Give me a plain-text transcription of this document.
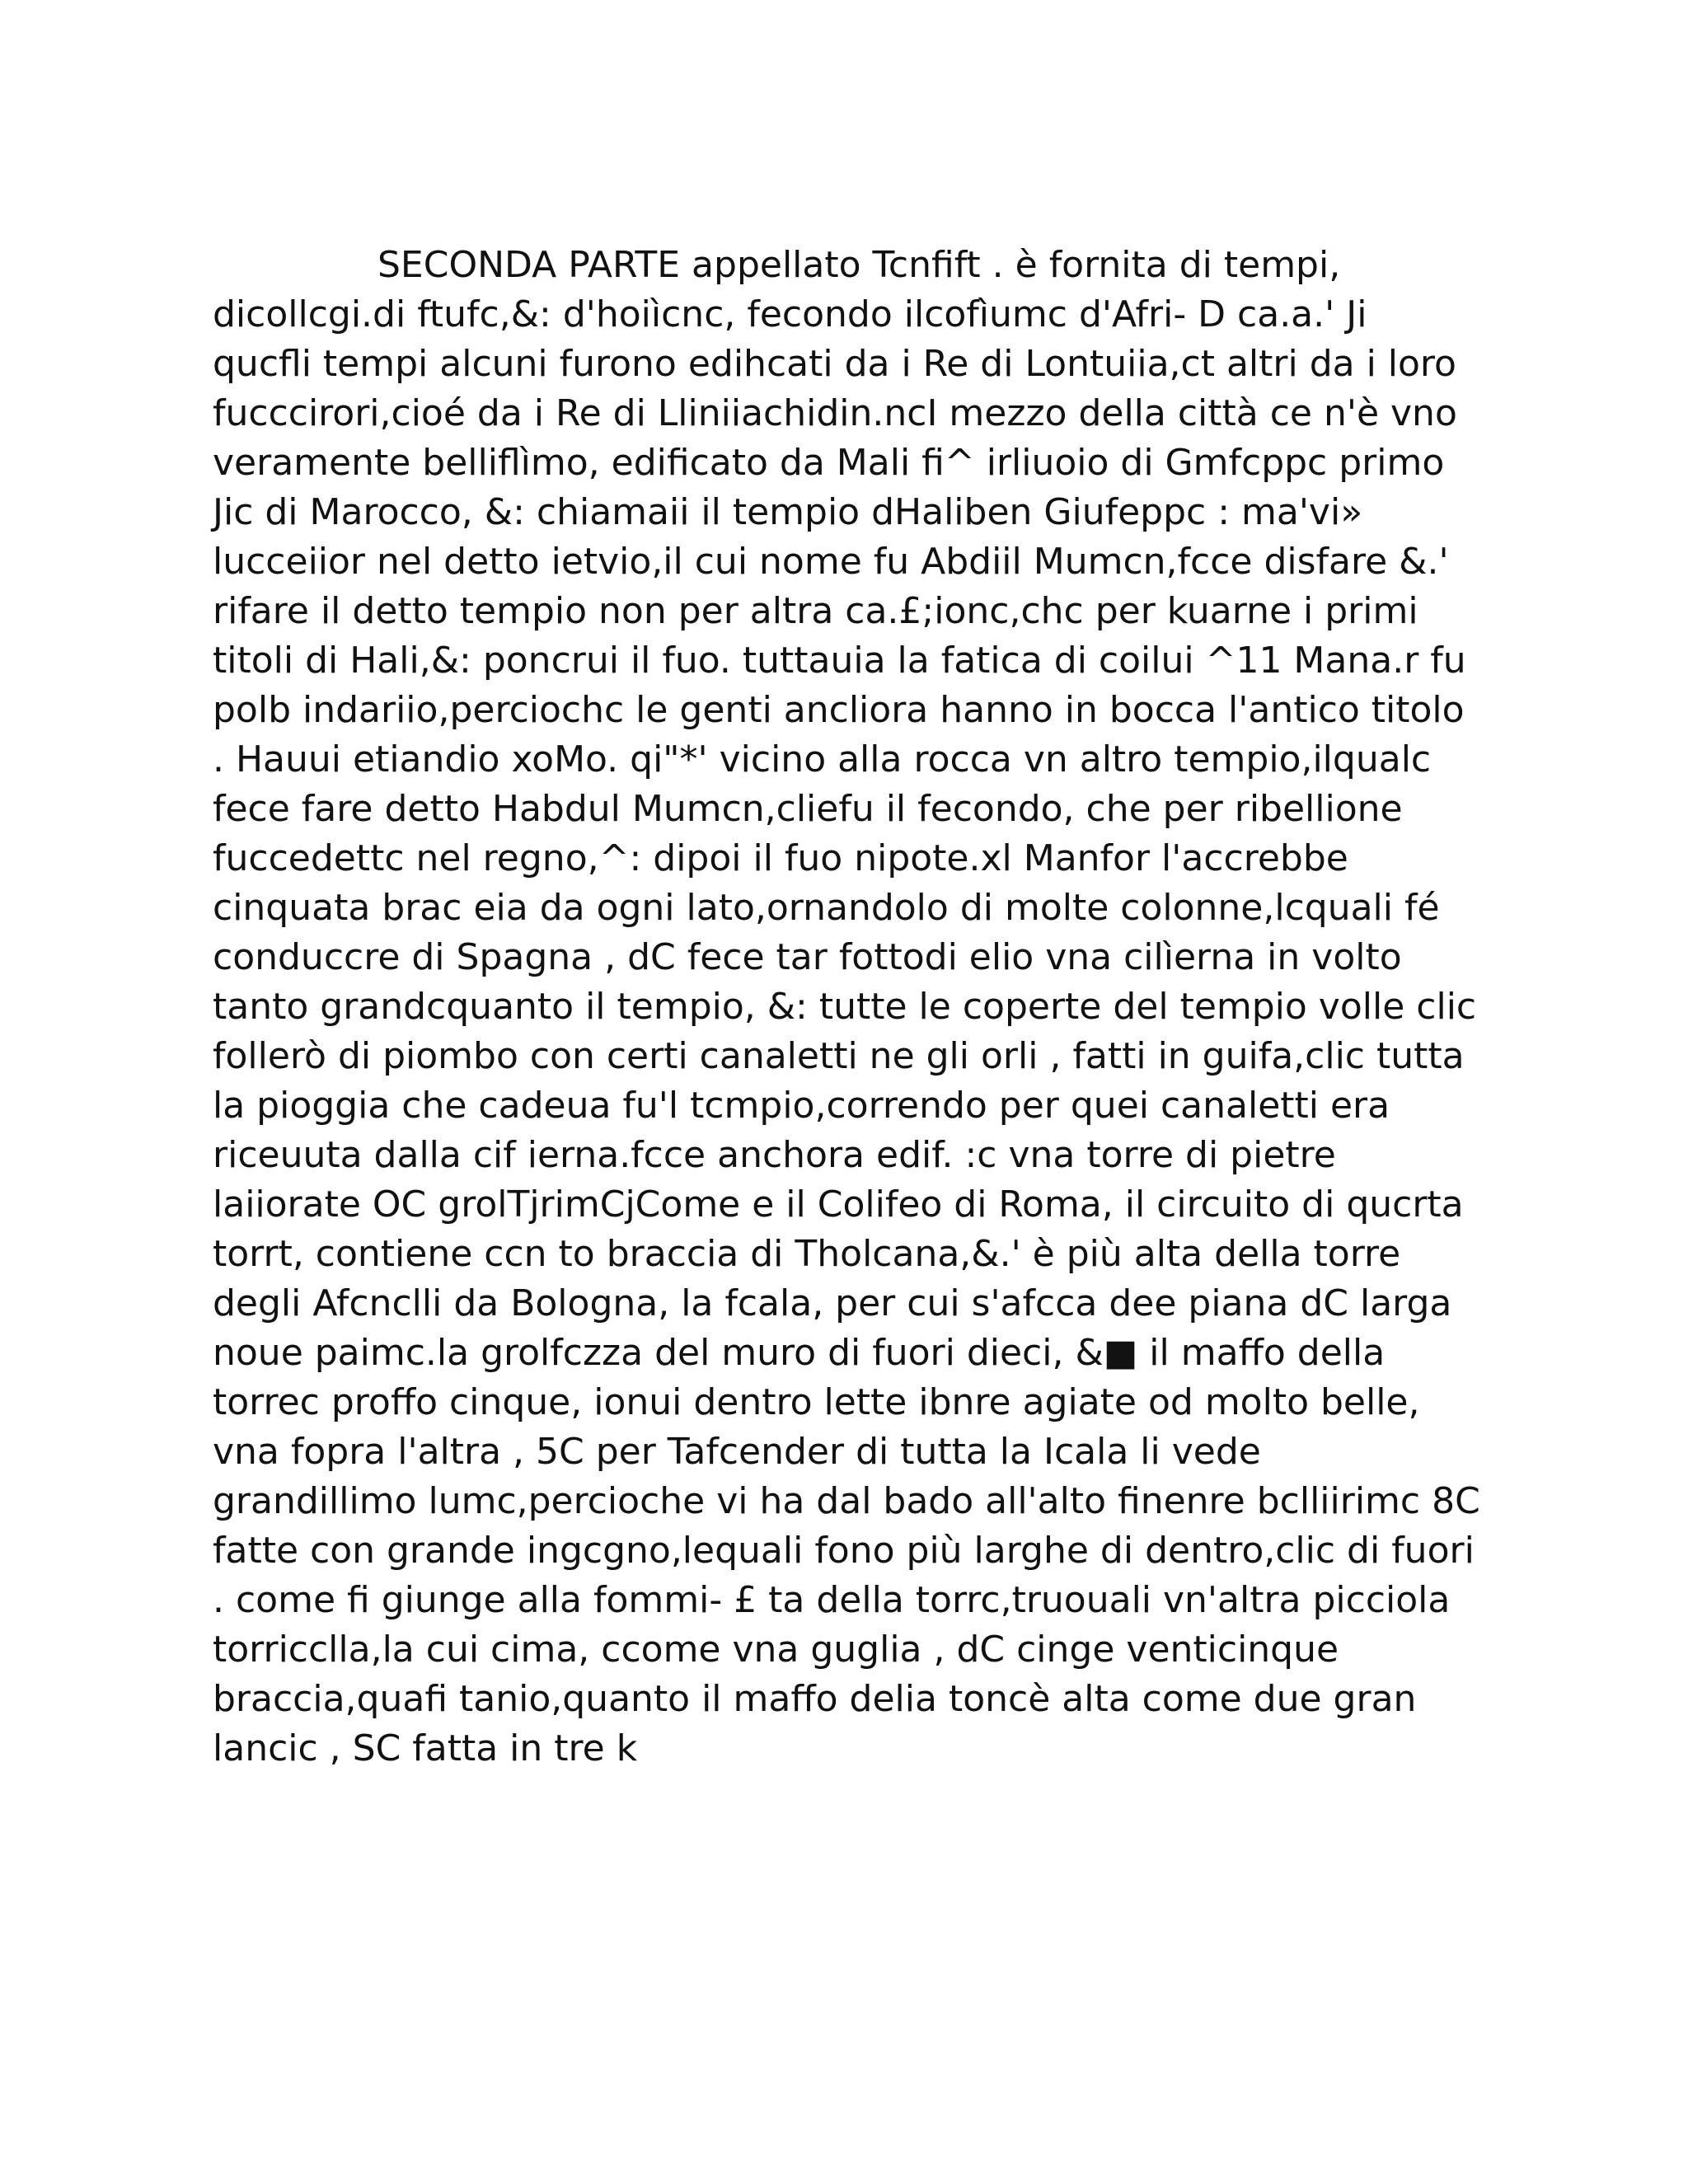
SECONDA PARTE appellato Tcnfift . è fornita di tempi,
dicollcgi.di ftufc,&: d'hoiìcnc, fecondo ilcofìumc d'Afri- D ca.a.' Ji
qucfli tempi alcuni furono edihcati da i Re di Lontuiia,ct altri da i loro
fucccirori,cioé da i Re di Lliniiachidin.ncI mezzo della città ce n'è vno
veramente belliflìmo, edificato da Mali fi^ irliuoio di Gmfcppc primo
Jic di Marocco, &: chiamaii il tempio dHaliben Giufeppc : ma'vi»
lucceiior nel detto ietvio,il cui nome fu Abdiil Mumcn,fcce disfare &.'
rifare il detto tempio non per altra ca.£;ionc,chc per kuarne i primi
titoli di Hali,&: poncrui il fuo. tuttauia la fatica di coilui ^11 Mana.r fu
polb indariio,perciochc le genti ancliora hanno in bocca l'antico titolo
. Hauui etiandio xoMo. qi"*' vicino alla rocca vn altro tempio,ilqualc
fece fare detto Habdul Mumcn,cliefu il fecondo, che per ribellione
fuccedettc nel regno,^: dipoi il fuo nipote.xl Manfor l'accrebbe
cinquata brac eia da ogni lato,ornandolo di molte colonne,lcquali fé
conduccre di Spagna , dC fece tar fottodi elio vna cilìerna in volto
tanto grandcquanto il tempio, &: tutte le coperte del tempio volle clic
follerò di piombo con certi canaletti ne gli orli , fatti in guifa,clic tutta
la pioggia che cadeua fu'l tcmpio,correndo per quei canaletti era
riceuuta dalla cif ierna.fcce anchora edif. :c vna torre di pietre
laiiorate OC grolTjrimCjCome e il Colifeo di Roma, il circuito di qucrta
torrt, contiene ccn to braccia di Tholcana,&.' è più alta della torre
degli Afcnclli da Bologna, la fcala, per cui s'afcca dee piana dC larga
noue paimc.la grolfczza del muro di fuori dieci, &■ il maffo della
torrec proffo cinque, ionui dentro lette ibnre agiate od molto belle,
vna fopra l'altra , 5C per Tafcender di tutta la Icala li vede
grandillimo lumc,percioche vi ha dal bado all'alto finenre bclliirimc 8C
fatte con grande ingcgno,lequali fono più larghe di dentro,clic di fuori
. come fi giunge alla fommi- £ ta della torrc,truouali vn'altra picciola
torricclla,la cui cima, ccome vna guglia , dC cinge venticinque
braccia,quafi tanio,quanto il maffo delia toncè alta come due gran
lancic , SC fatta in tre k
